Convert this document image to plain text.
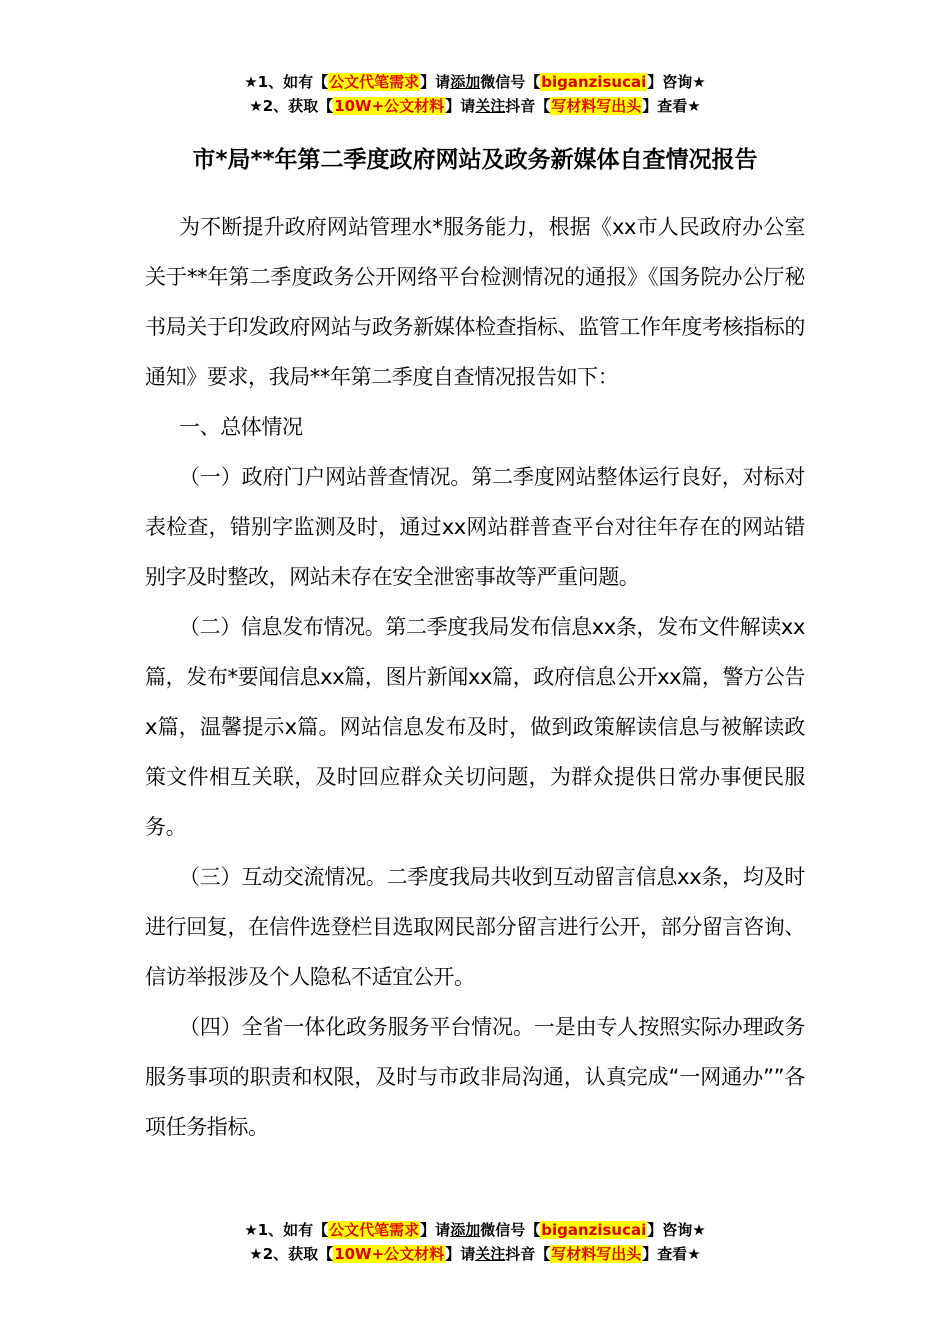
★1、如有【公文代笔需求】请添加微信号【biganzisucai】咨询★
★2、获取【10W+公文材料】请关注抖音【写材料写出头】查看★
市*局**年第二季度政府网站及政务新媒体自查情况报告

为不断提升政府网站管理水*服务能力，根据《xx市人民政府办公室关于**年第二季度政务公开网络平台检测情况的通报》《国务院办公厅秘书局关于印发政府网站与政务新媒体检查指标、监管工作年度考核指标的通知》要求，我局**年第二季度自查情况报告如下：

一、总体情况

（一）政府门户网站普查情况。第二季度网站整体运行良好，对标对表检查，错别字监测及时，通过xx网站群普查平台对往年存在的网站错别字及时整改，网站未存在安全泄密事故等严重问题。

（二）信息发布情况。第二季度我局发布信息xx条，发布文件解读xx篇，发布*要闻信息xx篇，图片新闻xx篇，政府信息公开xx篇，警方公告x篇，温馨提示x篇。网站信息发布及时，做到政策解读信息与被解读政策文件相互关联，及时回应群众关切问题，为群众提供日常办事便民服务。

（三）互动交流情况。二季度我局共收到互动留言信息xx条，均及时进行回复，在信件选登栏目选取网民部分留言进行公开，部分留言咨询、信访举报涉及个人隐私不适宜公开。

（四）全省一体化政务服务平台情况。一是由专人按照实际办理政务服务事项的职责和权限，及时与市政非局沟通，认真完成“一网通办””各项任务指标。

★1、如有【公文代笔需求】请添加微信号【biganzisucai】咨询★
★2、获取【10W+公文材料】请关注抖音【写材料写出头】查看★
